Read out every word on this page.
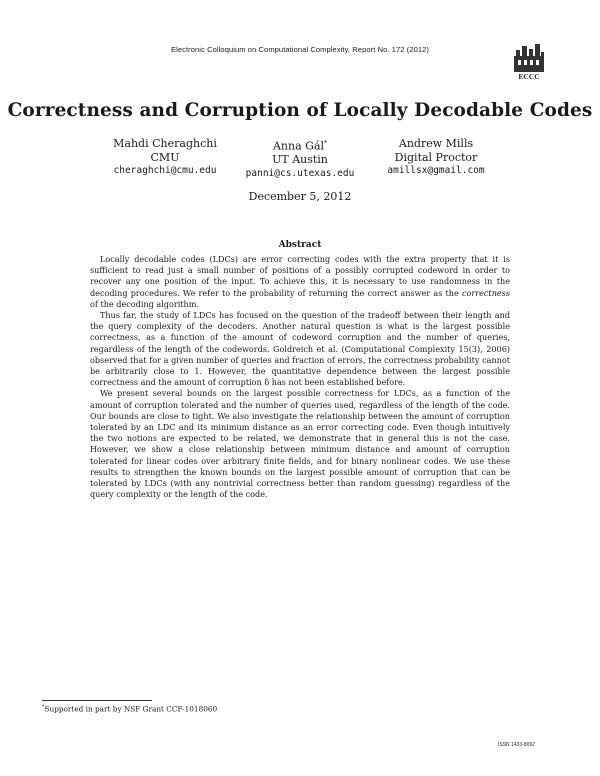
Electronic Colloquium on Computational Complexity, Report No. 172 (2012)
ECCC
Correctness and Corruption of Locally Decodable Codes
Mahdi Cheraghchi
CMU
cheraghchi@cmu.edu
Anna Gál*
UT Austin
panni@cs.utexas.edu
Andrew Mills
Digital Proctor
amillsx@gmail.com
December 5, 2012
Abstract

Locally decodable codes (LDCs) are error correcting codes with the extra property that it is sufficient to read just a small number of positions of a possibly corrupted codeword in order to recover any one position of the input. To achieve this, it is necessary to use randomness in the decoding procedures. We refer to the probability of returning the correct answer as the correctness of the decoding algorithm.

Thus far, the study of LDCs has focused on the question of the tradeoff between their length and the query complexity of the decoders. Another natural question is what is the largest possible correctness, as a function of the amount of codeword corruption and the number of queries, regardless of the length of the codewords. Goldreich et al. (Computational Complexity 15(3), 2006) observed that for a given number of queries and fraction of errors, the correctness probability cannot be arbitrarily close to 1. However, the quantitative dependence between the largest possible correctness and the amount of corruption δ has not been established before.

We present several bounds on the largest possible correctness for LDCs, as a function of the amount of corruption tolerated and the number of queries used, regardless of the length of the code. Our bounds are close to tight. We also investigate the relationship between the amount of corruption tolerated by an LDC and its minimum distance as an error correcting code. Even though intuitively the two notions are expected to be related, we demonstrate that in general this is not the case. However, we show a close relationship between minimum distance and amount of corruption tolerated for linear codes over arbitrary finite fields, and for binary nonlinear codes. We use these results to strengthen the known bounds on the largest possible amount of corruption that can be tolerated by LDCs (with any nontrivial correctness better than random guessing) regardless of the query complexity or the length of the code.

*Supported in part by NSF Grant CCF-1018060
ISSN 1433-8092
